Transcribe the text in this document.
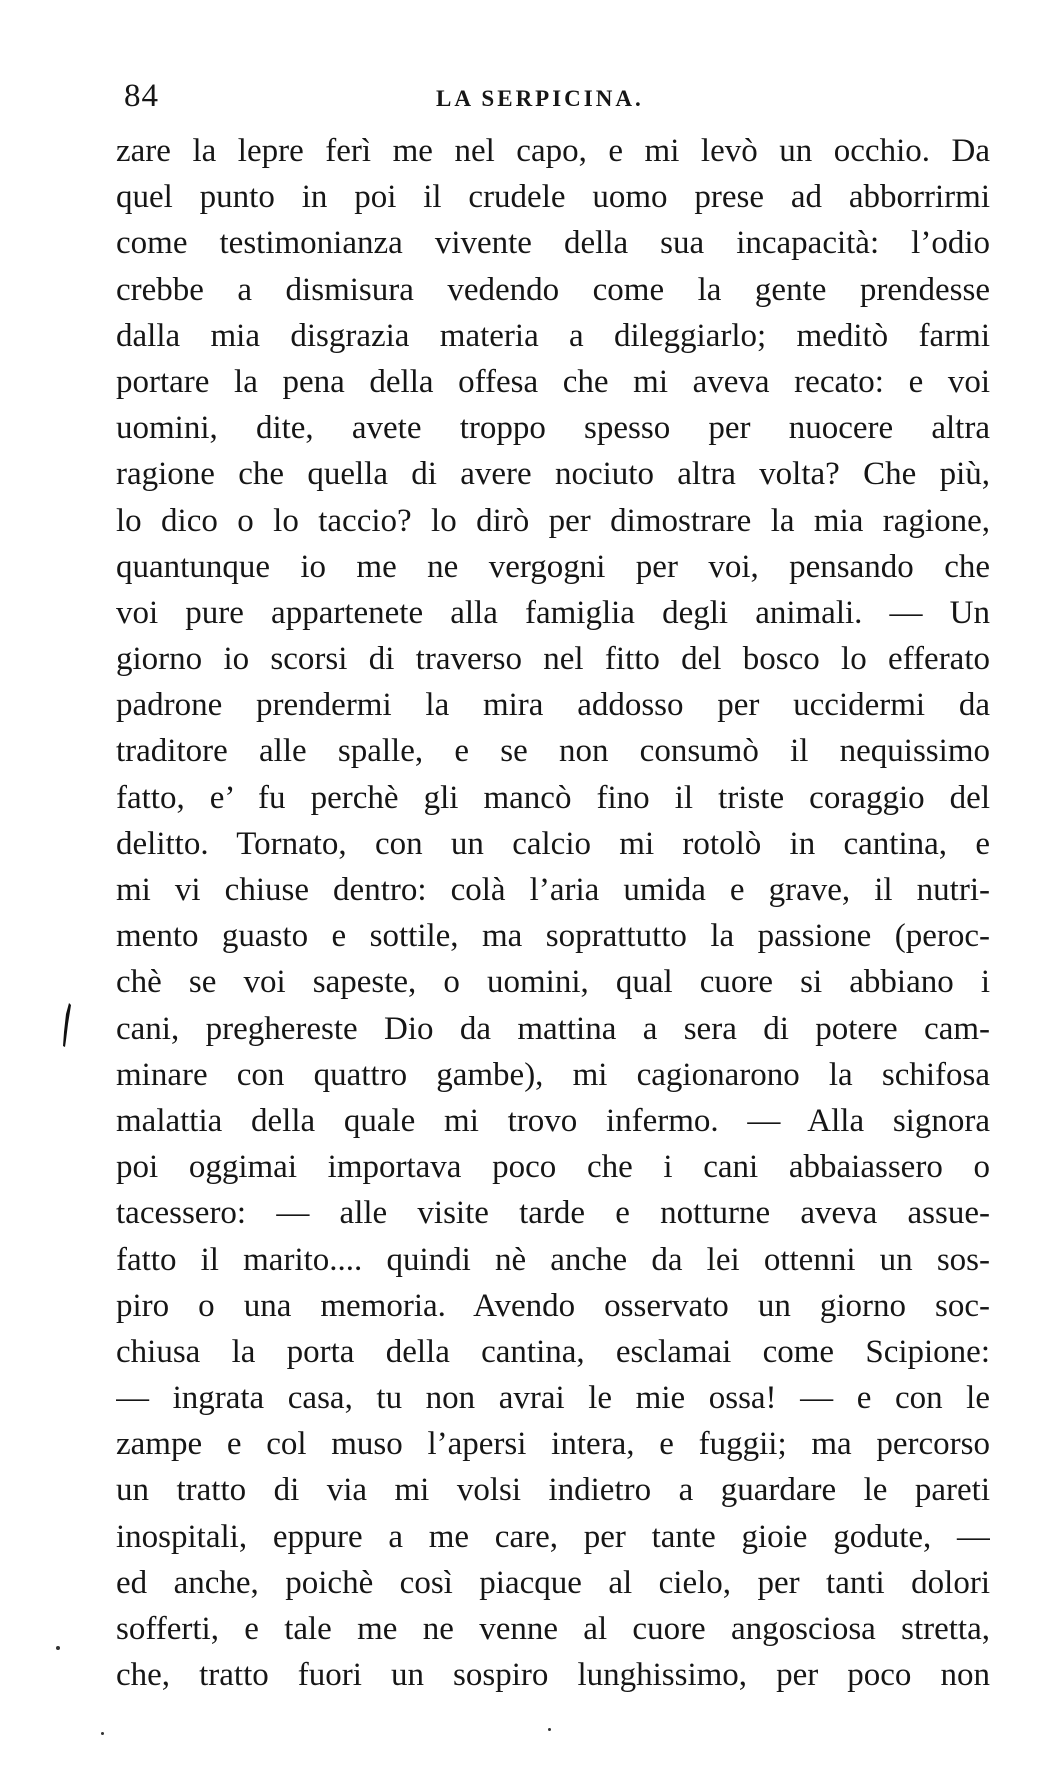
84	LA SERPICINA.
zare la lepre ferì me nel capo, e mi levò un occhio. Da
quel punto in poi il crudele uomo prese ad abborrirmi
come testimonianza vivente della sua incapacità: l’odio
crebbe a dismisura vedendo come la gente prendesse
dalla mia disgrazia materia a dileggiarlo; meditò farmi
portare la pena della offesa che mi aveva recato: e voi
uomini, dite, avete troppo spesso per nuocere altra
ragione che quella di avere nociuto altra volta? Che più,
lo dico o lo taccio? lo dirò per dimostrare la mia ragione,
quantunque io me ne vergogni per voi, pensando che
voi pure appartenete alla famiglia degli animali. — Un
giorno io scorsi di traverso nel fitto del bosco lo efferato
padrone prendermi la mira addosso per uccidermi da
traditore alle spalle, e se non consumò il nequissimo
fatto, e’ fu perchè gli mancò fino il triste coraggio del
delitto. Tornato, con un calcio mi rotolò in cantina, e
mi vi chiuse dentro: colà l’aria umida e grave, il nutri-
mento guasto e sottile, ma soprattutto la passione (peroc-
chè se voi sapeste, o uomini, qual cuore si abbiano i
cani, preghereste Dio da mattina a sera di potere cam-
minare con quattro gambe), mi cagionarono la schifosa
malattia della quale mi trovo infermo. — Alla signora
poi oggimai importava poco che i cani abbaiassero o
tacessero: — alle visite tarde e notturne aveva assue-
fatto il marito.... quindi nè anche da lei ottenni un sos-
piro o una memoria. Avendo osservato un giorno soc-
chiusa la porta della cantina, esclamai come Scipione:
— ingrata casa, tu non avrai le mie ossa! — e con le
zampe e col muso l’apersi intera, e fuggii; ma percorso
un tratto di via mi volsi indietro a guardare le pareti
inospitali, eppure a me care, per tante gioie godute, —
ed anche, poichè così piacque al cielo, per tanti dolori
sofferti, e tale me ne venne al cuore angosciosa stretta,
che, tratto fuori un sospiro lunghissimo, per poco non
